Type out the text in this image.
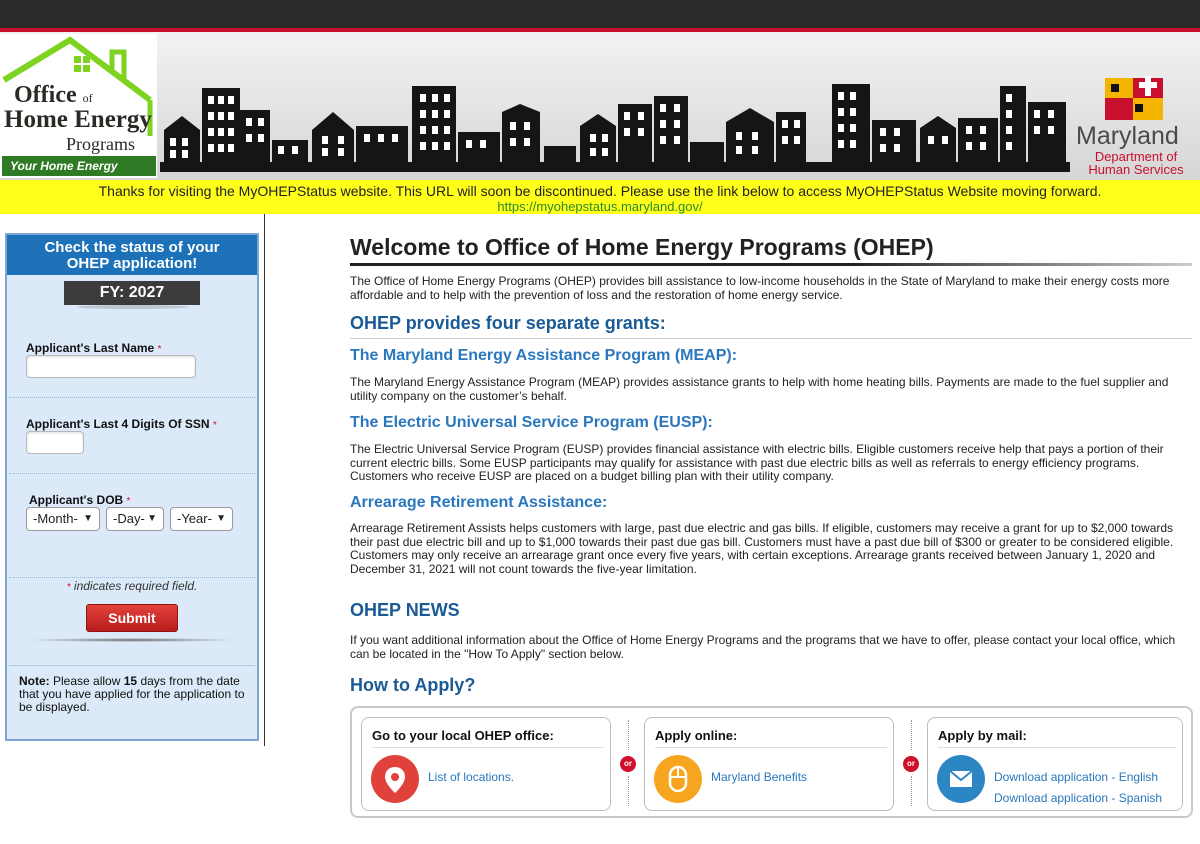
Office of
Home Energy
Programs
Your Home Energy
Maryland
Department of
Human Services
Thanks for visiting the MyOHEPStatus website. This URL will soon be discontinued. Please use the link below to access MyOHEPStatus Website moving forward.
https://myohepstatus.maryland.gov/
Check the status of your
OHEP application!
FY: 2027
Applicant's Last Name *
Applicant's Last 4 Digits Of SSN *
Applicant's DOB *
-Month- ▼	-Day- ▼	-Year- ▼
* indicates required field.
Submit
Note: Please allow 15 days from the date that you have applied for the application to be displayed.
Welcome to Office of Home Energy Programs (OHEP)
The Office of Home Energy Programs (OHEP) provides bill assistance to low-income households in the State of Maryland to make their energy costs more affordable and to help with the prevention of loss and the restoration of home energy service.
OHEP provides four separate grants:
The Maryland Energy Assistance Program (MEAP):
The Maryland Energy Assistance Program (MEAP) provides assistance grants to help with home heating bills. Payments are made to the fuel supplier and utility company on the customer’s behalf.
The Electric Universal Service Program (EUSP):
The Electric Universal Service Program (EUSP) provides financial assistance with electric bills. Eligible customers receive help that pays a portion of their current electric bills. Some EUSP participants may qualify for assistance with past due electric bills as well as referrals to energy efficiency programs. Customers who receive EUSP are placed on a budget billing plan with their utility company.
Arrearage Retirement Assistance:
Arrearage Retirement Assists helps customers with large, past due electric and gas bills. If eligible, customers may receive a grant for up to $2,000 towards their past due electric bill and up to $1,000 towards their past due gas bill. Customers must have a past due bill of $300 or greater to be considered eligible. Customers may only receive an arrearage grant once every five years, with certain exceptions. Arrearage grants received between January 1, 2020 and December 31, 2021 will not count towards the five-year limitation.
OHEP NEWS
If you want additional information about the Office of Home Energy Programs and the programs that we have to offer, please contact your local office, which can be located in the "How To Apply" section below.
How to Apply?
Go to your local OHEP office:
List of locations.
or
Apply online:
Maryland Benefits
or
Apply by mail:
Download application - English
Download application - Spanish
